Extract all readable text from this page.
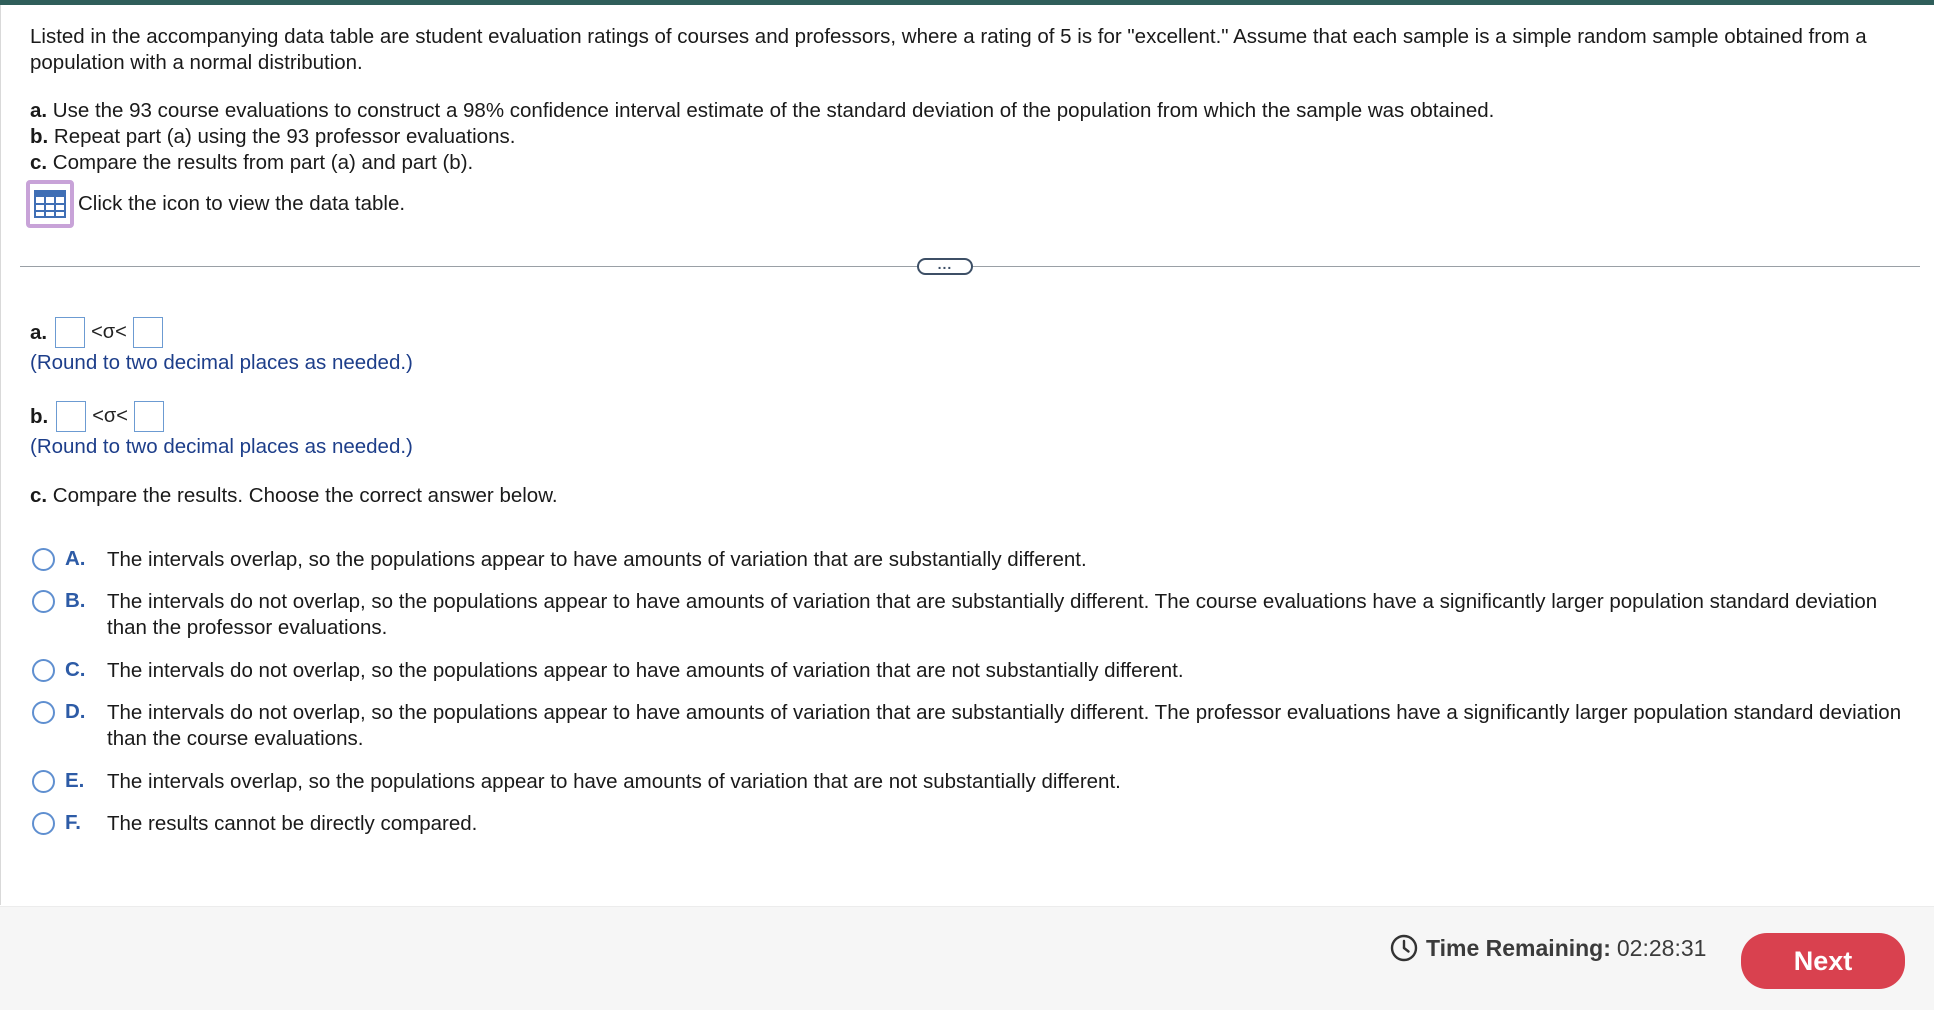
Listed in the accompanying data table are student evaluation ratings of courses and professors, where a rating of 5 is for "excellent." Assume that each sample is a simple random sample obtained from a population with a normal distribution.
a. Use the 93 course evaluations to construct a 98% confidence interval estimate of the standard deviation of the population from which the sample was obtained.
b. Repeat part (a) using the 93 professor evaluations.
c. Compare the results from part (a) and part (b).
Click the icon to view the data table.
...
a. <σ<
(Round to two decimal places as needed.)
b. <σ<
(Round to two decimal places as needed.)
c. Compare the results. Choose the correct answer below.
A.	The intervals overlap, so the populations appear to have amounts of variation that are substantially different.
B.	The intervals do not overlap, so the populations appear to have amounts of variation that are substantially different. The course evaluations have a significantly larger population standard deviation than the professor evaluations.
C.	The intervals do not overlap, so the populations appear to have amounts of variation that are not substantially different.
D.	The intervals do not overlap, so the populations appear to have amounts of variation that are substantially different. The professor evaluations have a significantly larger population standard deviation than the course evaluations.
E.	The intervals overlap, so the populations appear to have amounts of variation that are not substantially different.
F.	The results cannot be directly compared.
Time Remaining: 02:28:31	Next
